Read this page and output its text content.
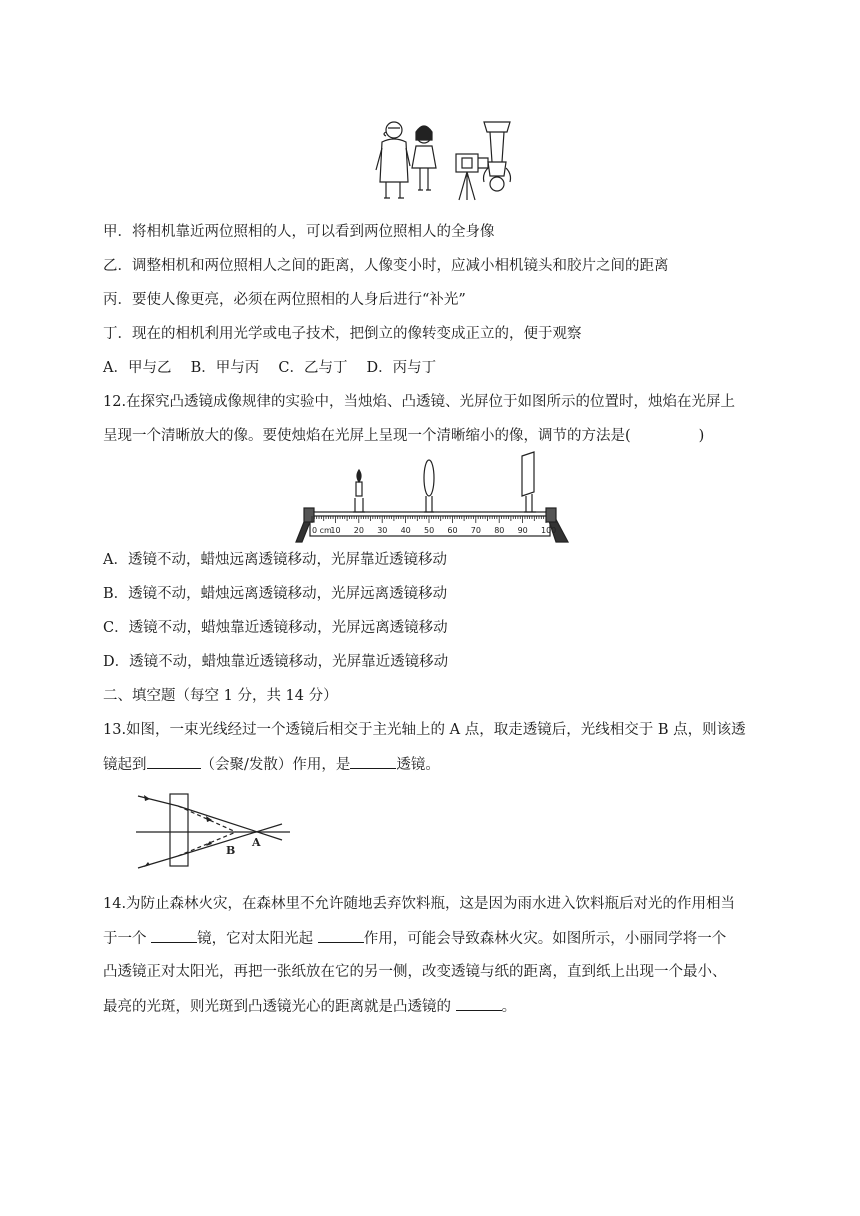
甲．将相机靠近两位照相的人，可以看到两位照相人的全身像
乙．调整相机和两位照相人之间的距离，人像变小时，应减小相机镜头和胶片之间的距离
丙．要使人像更亮，必须在两位照相的人身后进行“补光”
丁．现在的相机利用光学或电子技术，把倒立的像转变成正立的，便于观察
A．甲与乙　 B．甲与丙　 C．乙与丁　 D．丙与丁
12.在探究凸透镜成像规律的实验中，当烛焰、凸透镜、光屏位于如图所示的位置时，烛焰在光屏上
呈现一个清晰放大的像。要使烛焰在光屏上呈现一个清晰缩小的像，调节的方法是(	)
0 cm
10 20 30 40 50 60 70 80 90 100
A．透镜不动，蜡烛远离透镜移动，光屏靠近透镜移动
B．透镜不动，蜡烛远离透镜移动，光屏远离透镜移动
C．透镜不动，蜡烛靠近透镜移动，光屏远离透镜移动
D．透镜不动，蜡烛靠近透镜移动，光屏靠近透镜移动
二、填空题（每空 1 分，共 14 分）
13.如图，一束光线经过一个透镜后相交于主光轴上的 A 点，取走透镜后，光线相交于 B 点，则该透
镜起到	（会聚/发散）作用，是	透镜。
B
A
14.为防止森林火灾，在森林里不允许随地丢弃饮料瓶，这是因为雨水进入饮料瓶后对光的作用相当
于一个	镜，它对太阳光起	作用，可能会导致森林火灾。如图所示，小丽同学将一个
凸透镜正对太阳光，再把一张纸放在它的另一侧，改变透镜与纸的距离，直到纸上出现一个最小、
最亮的光斑，则光斑到凸透镜光心的距离就是凸透镜的	。
